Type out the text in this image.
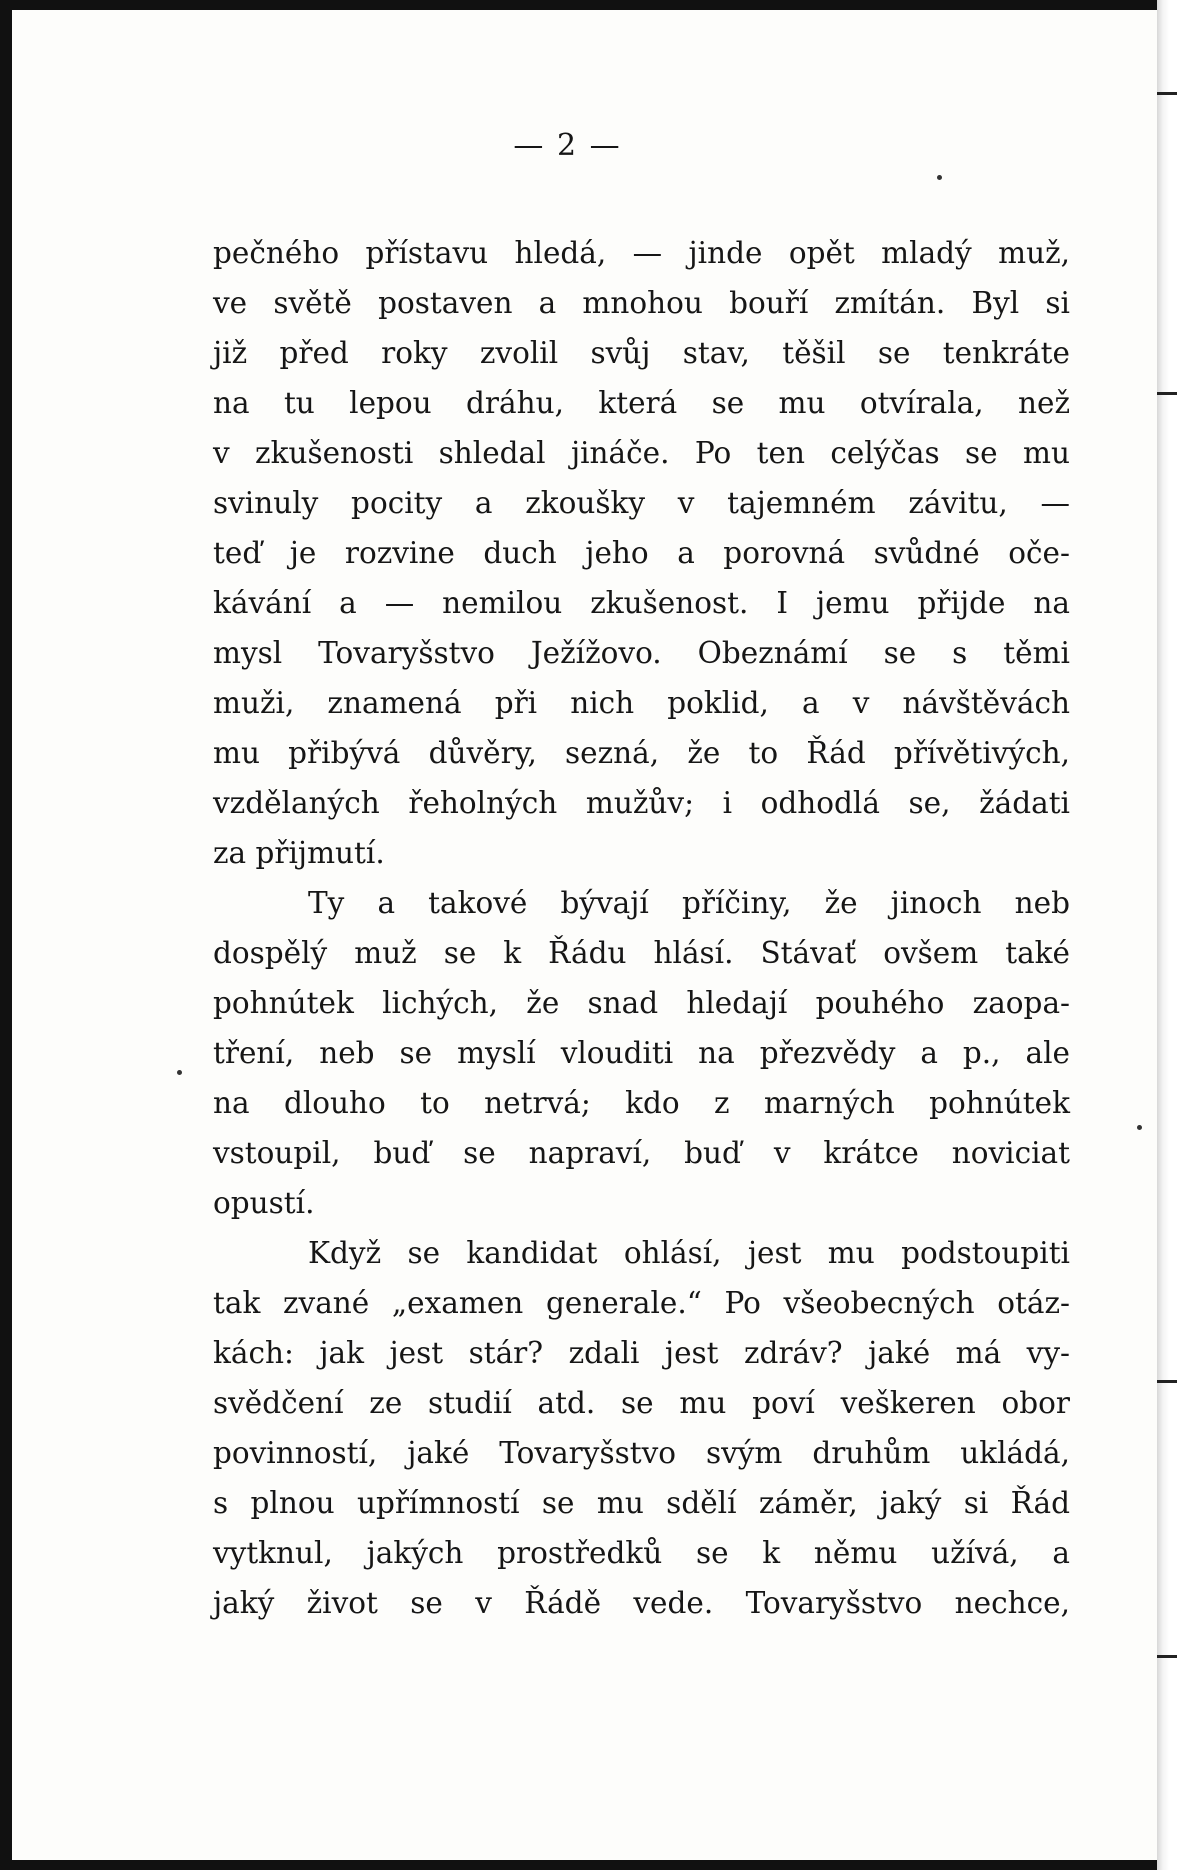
— 2 —
pečného přístavu hledá, — jinde opět mladý muž,
ve světě postaven a mnohou bouří zmítán. Byl si
již před roky zvolil svůj stav, těšil se tenkráte
na tu lepou dráhu, která se mu otvírala, než
v zkušenosti shledal jináče. Po ten celýčas se mu
svinuly pocity a zkoušky v tajemném závitu, —
teď je rozvine duch jeho a porovná svůdné oče-
kávání a — nemilou zkušenost. I jemu přijde na
mysl Tovaryšstvo Ježížovo. Obeznámí se s těmi
muži, znamená při nich poklid, a v návštěvách
mu přibývá důvěry, sezná, že to Řád přívětivých,
vzdělaných řeholných mužův; i odhodlá se, žádati
za přijmutí.
Ty a takové bývají příčiny, že jinoch neb
dospělý muž se k Řádu hlásí. Stávať ovšem také
pohnútek lichých, že snad hledají pouhého zaopa-
tření, neb se myslí vlouditi na přezvědy a p., ale
na dlouho to netrvá; kdo z marných pohnútek
vstoupil, buď se napraví, buď v krátce noviciat
opustí.
Když se kandidat ohlásí, jest mu podstoupiti
tak zvané „examen generale.“ Po všeobecných otáz-
kách: jak jest stár? zdali jest zdráv? jaké má vy-
svědčení ze studií atd. se mu poví veškeren obor
povinností, jaké Tovaryšstvo svým druhům ukládá,
s plnou upřímností se mu sdělí záměr, jaký si Řád
vytknul, jakých prostředků se k němu užívá, a
jaký život se v Řádě vede. Tovaryšstvo nechce,
